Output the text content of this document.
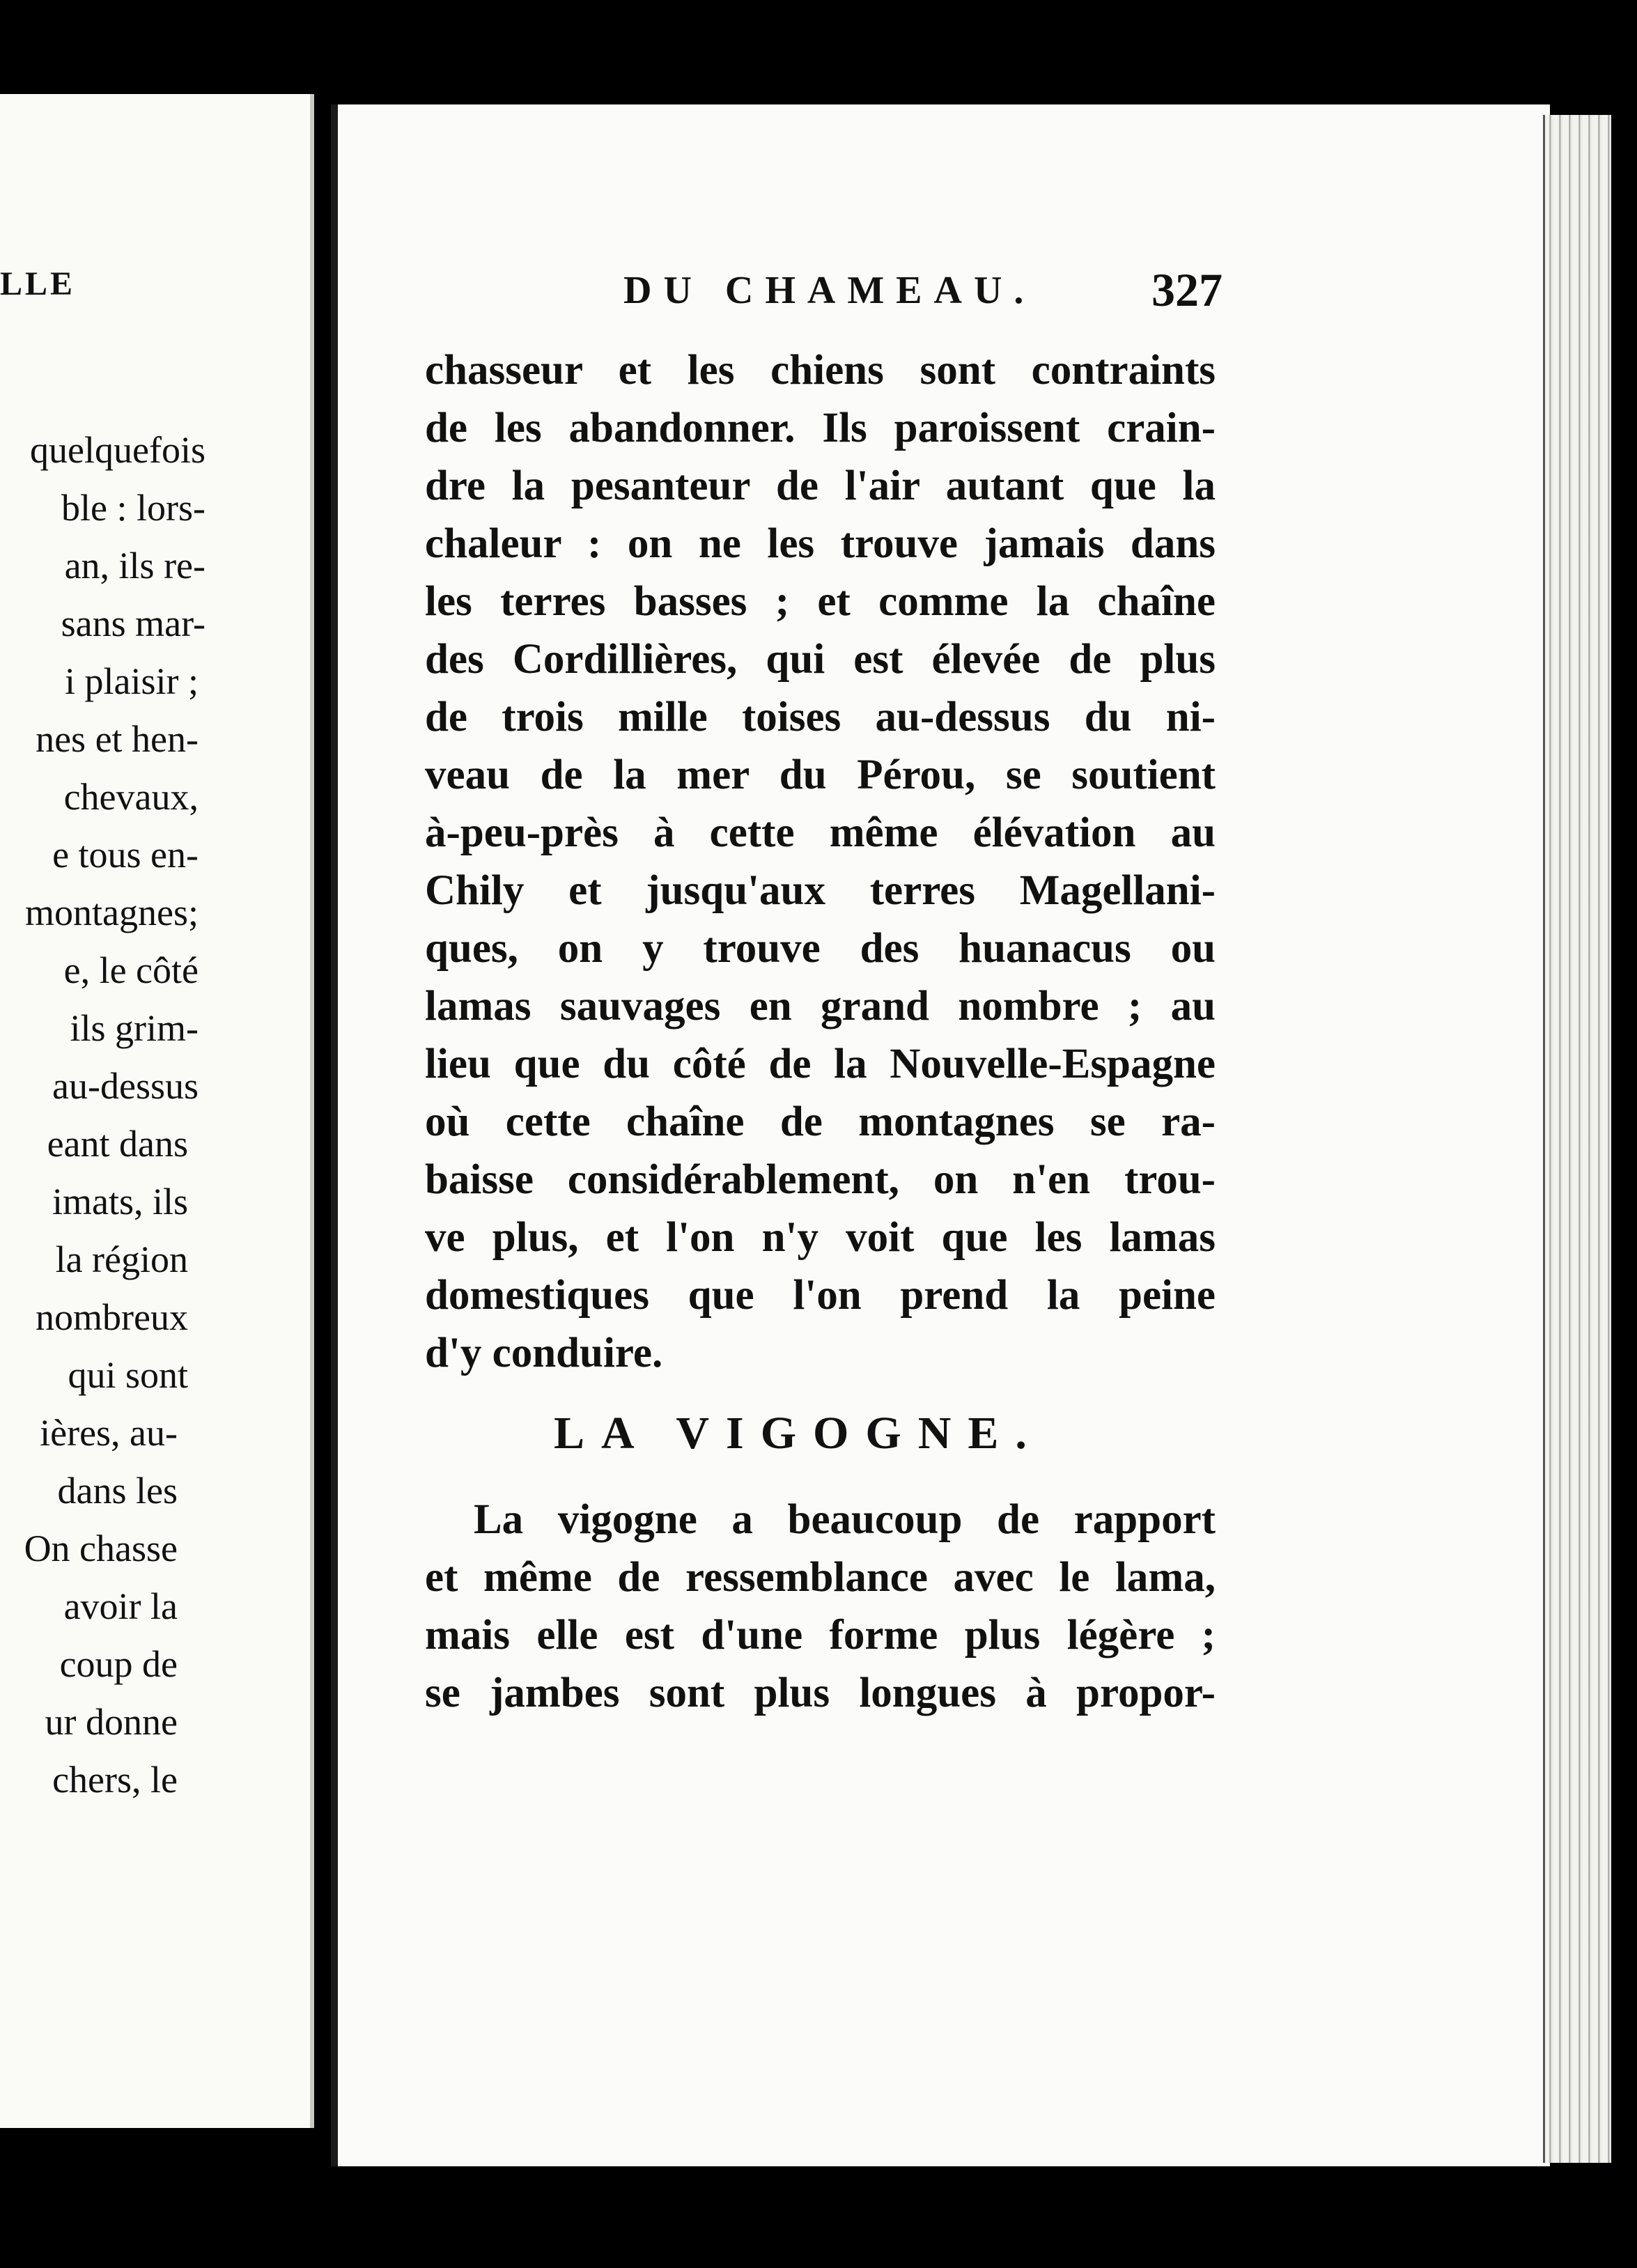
LLE

quelquefois

ble : lors-

an, ils re-

sans mar-

i plaisir ;

nes et hen-

chevaux,

e tous en-

montagnes;

e, le côté

ils grim-

au-dessus

eant dans

imats, ils

la région

nombreux

qui sont

ières, au-

dans les

On chasse

avoir la

coup de

ur donne

chers, le

DU CHAMEAU. 327

chasseur et les chiens sont contraints

de les abandonner. Ils paroissent crain-

dre la pesanteur de l'air autant que la

chaleur : on ne les trouve jamais dans

les terres basses ; et comme la chaîne

des Cordillières, qui est élevée de plus

de trois mille toises au-dessus du ni-

veau de la mer du Pérou, se soutient

à-peu-près à cette même élévation au

Chily et jusqu'aux terres Magellani-

ques, on y trouve des huanacus ou

lamas sauvages en grand nombre ; au

lieu que du côté de la Nouvelle-Espagne

où cette chaîne de montagnes se ra-

baisse considérablement, on n'en trou-

ve plus, et l'on n'y voit que les lamas

domestiques que l'on prend la peine

d'y conduire.

LA VIGOGNE.

La vigogne a beaucoup de rapport

et même de ressemblance avec le lama,

mais elle est d'une forme plus légère ;

se jambes sont plus longues à propor-
